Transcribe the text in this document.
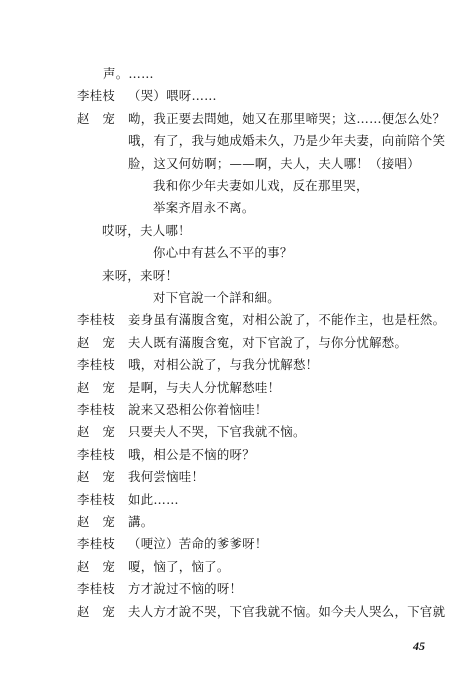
声。……
李桂枝	（哭）喂呀……
赵　宠	呦，我正要去問她，她又在那里啼哭；这……便怎么处？
哦，有了，我与她成婚未久，乃是少年夫妻，向前陪个笑
脸，这又何妨啊；——啊，夫人，夫人哪！（接唱）
我和你少年夫妻如儿戏，反在那里哭，
举案齐眉永不离。
哎呀，夫人哪！
你心中有甚么不平的事？
来呀，来呀！
对下官說一个詳和細。
李桂枝	妾身虽有滿腹含寃，对相公說了，不能作主，也是枉然。
赵　宠	夫人既有滿腹含寃，对下官說了，与你分忧解愁。
李桂枝	哦，对相公說了，与我分忧解愁！
赵　宠	是啊，与夫人分忧解愁哇！
李桂枝	說来又恐相公你着恼哇！
赵　宠	只要夫人不哭，下官我就不恼。
李桂枝	哦，相公是不恼的呀？
赵　宠	我何尝恼哇！
李桂枝	如此……
赵　宠	講。
李桂枝	（哽泣）苦命的爹爹呀！
赵　宠	嗄，恼了，恼了。
李桂枝	方才說过不恼的呀！
赵　宠	夫人方才說不哭，下官我就不恼。如今夫人哭么，下官就
45
